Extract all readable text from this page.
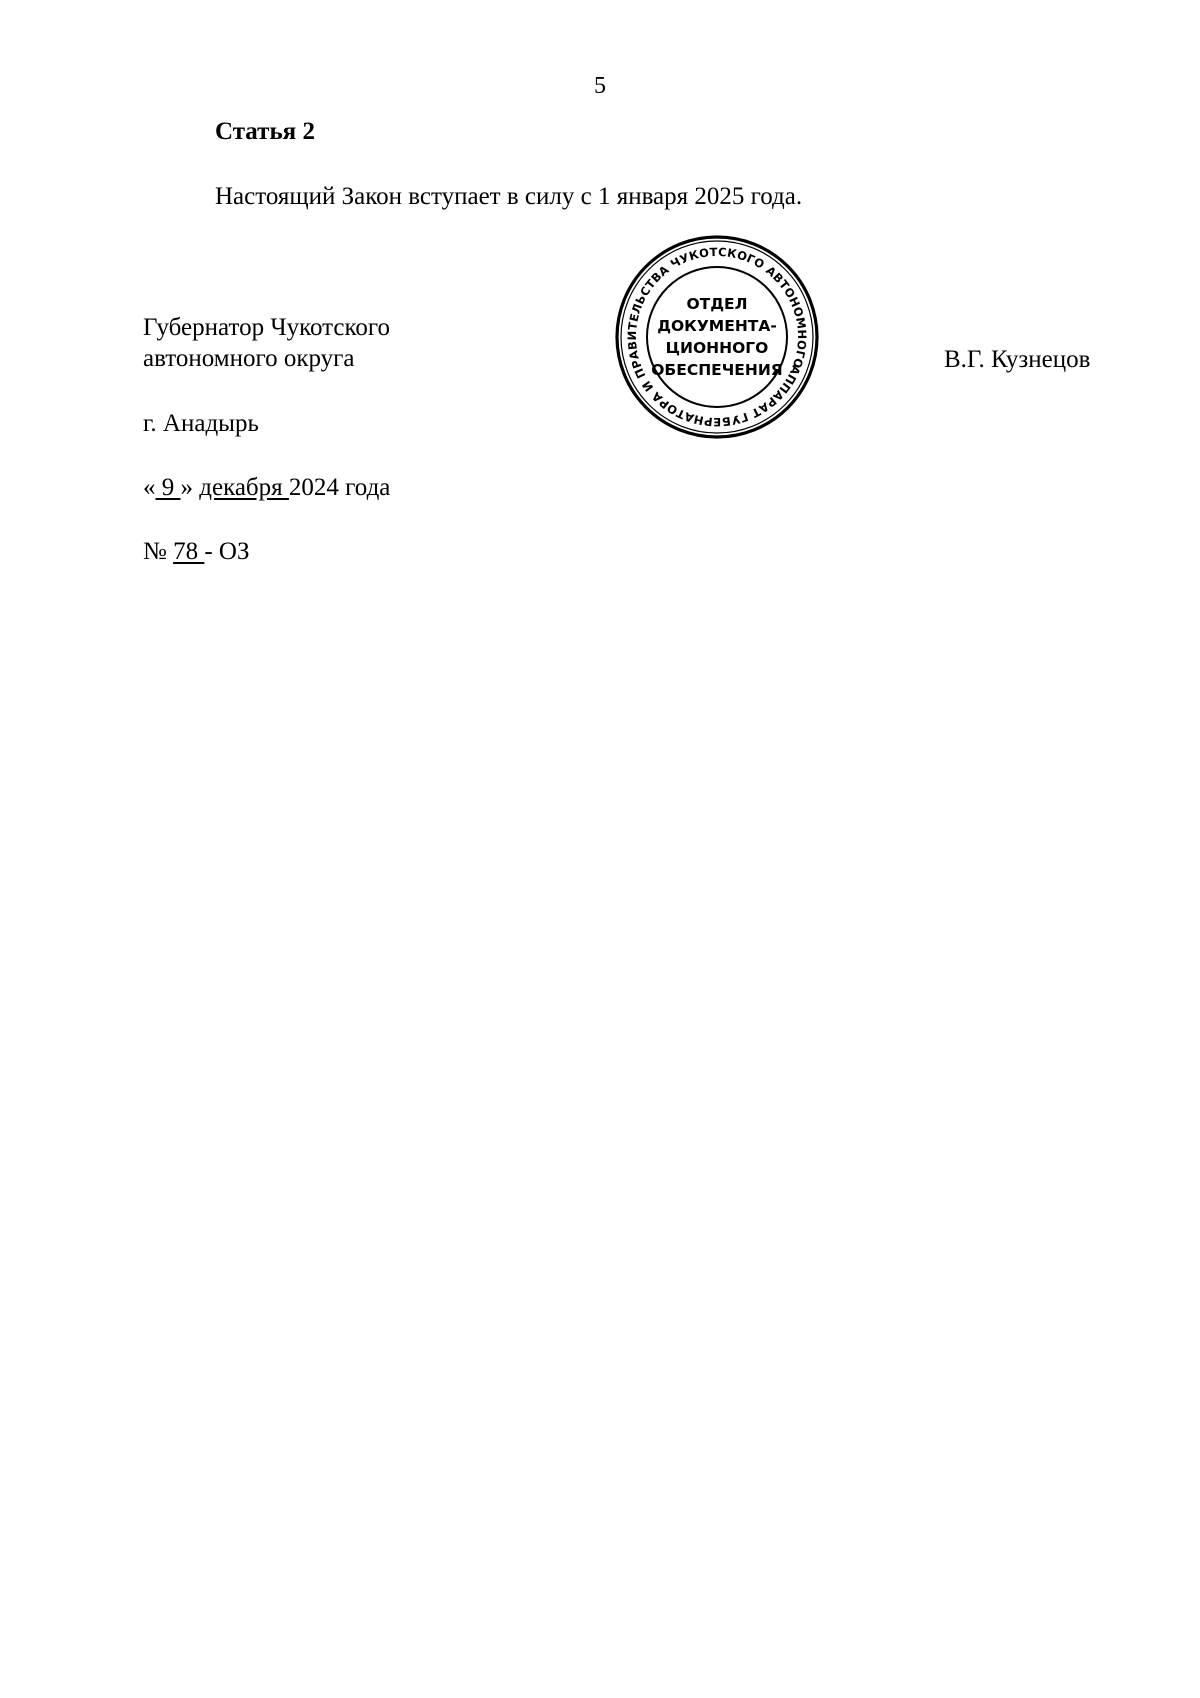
5
Статья 2
Настоящий Закон вступает в силу с 1 января 2025 года.
Губернатор Чукотского
автономного округа	В.Г. Кузнецов
АППАРАТ ГУБЕРНАТОРА И ПРАВИТЕЛЬСТВА ЧУКОТСКОГО АВТОНОМНОГО
ОТДЕЛ
ДОКУМЕНТА-
ЦИОННОГО
ОБЕСПЕЧЕНИЯ
г. Анадырь
« 9 » декабря 2024 года
№ 78 - ОЗ
